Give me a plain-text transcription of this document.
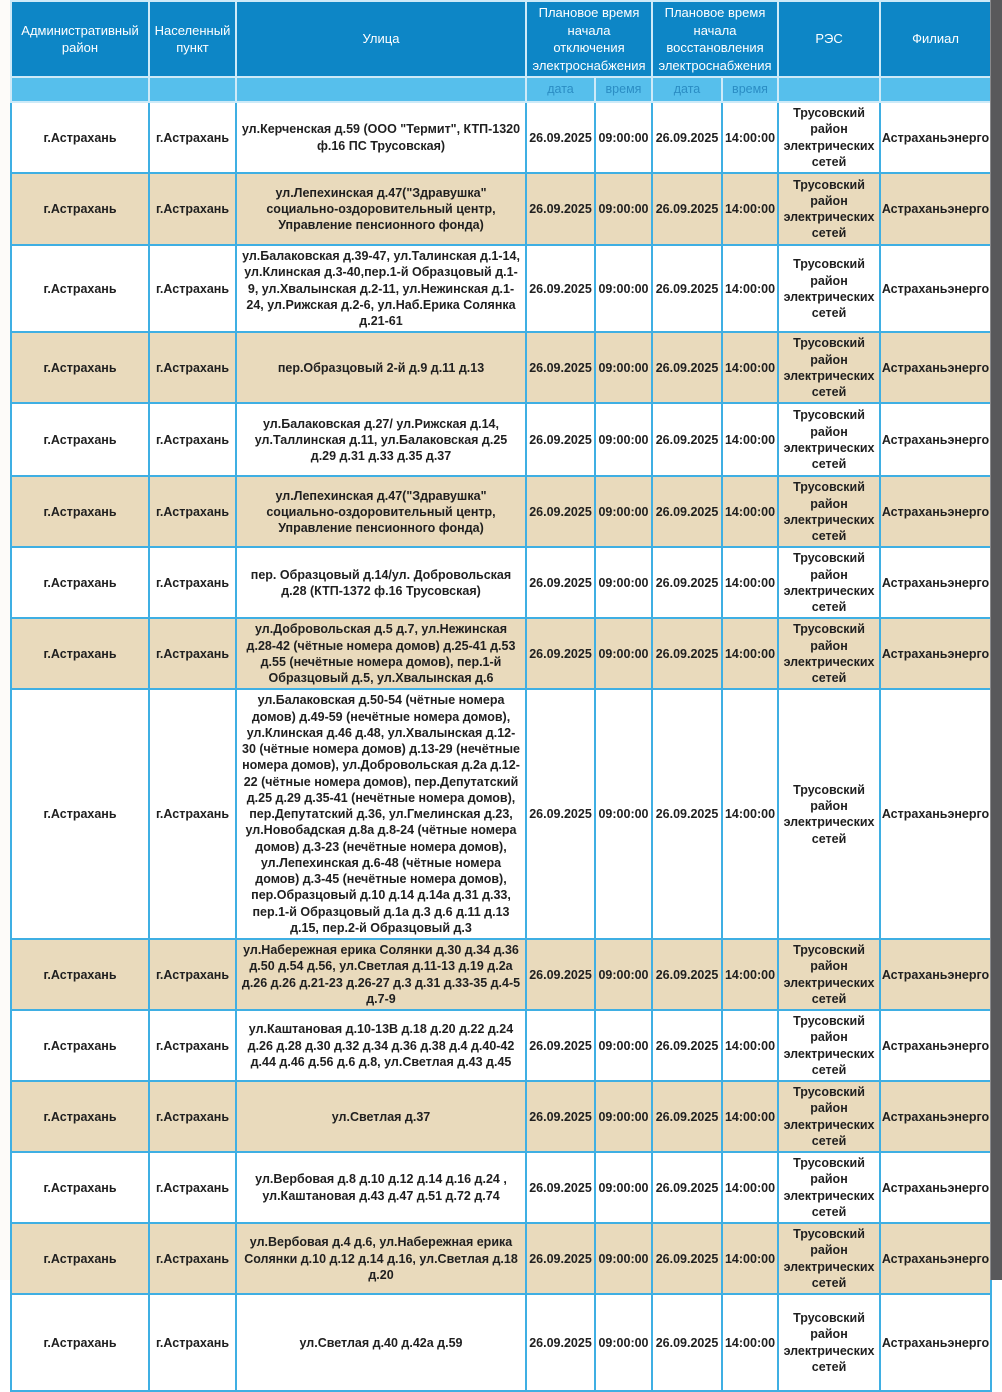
Административный район	Населенный пункт	Улица	Плановое время начала отключения электроснабжения		Плановое время начала восстановления электроснабжения		РЭС	Филиал
			дата	время	дата	время		
г.Астрахань	г.Астрахань	ул.Керченская д.59 (ООО "Термит", КТП-1320 ф.16 ПС Трусовская)	26.09.2025	09:00:00	26.09.2025	14:00:00	Трусовский район электрических сетей	Астраханьэнерго
г.Астрахань	г.Астрахань	ул.Лепехинская д.47("Здравушка" социально-оздоровительный центр, Управление пенсионного фонда)	26.09.2025	09:00:00	26.09.2025	14:00:00	Трусовский район электрических сетей	Астраханьэнерго
г.Астрахань	г.Астрахань	ул.Балаковская д.39-47, ул.Талинская д.1-14, ул.Клинская д.3-40,пер.1-й Образцовый д.1-9, ул.Хвалынская д.2-11, ул.Нежинская д.1-24, ул.Рижская д.2-6, ул.Наб.Ерика Солянка д.21-61	26.09.2025	09:00:00	26.09.2025	14:00:00	Трусовский район электрических сетей	Астраханьэнерго
г.Астрахань	г.Астрахань	пер.Образцовый 2-й д.9 д.11 д.13	26.09.2025	09:00:00	26.09.2025	14:00:00	Трусовский район электрических сетей	Астраханьэнерго
г.Астрахань	г.Астрахань	ул.Балаковская д.27/ ул.Рижская д.14, ул.Таллинская д.11, ул.Балаковская д.25 д.29 д.31 д.33 д.35 д.37	26.09.2025	09:00:00	26.09.2025	14:00:00	Трусовский район электрических сетей	Астраханьэнерго
г.Астрахань	г.Астрахань	ул.Лепехинская д.47("Здравушка" социально-оздоровительный центр, Управление пенсионного фонда)	26.09.2025	09:00:00	26.09.2025	14:00:00	Трусовский район электрических сетей	Астраханьэнерго
г.Астрахань	г.Астрахань	пер. Образцовый д.14/ул. Добровольская д.28 (КТП-1372 ф.16 Трусовская)	26.09.2025	09:00:00	26.09.2025	14:00:00	Трусовский район электрических сетей	Астраханьэнерго
г.Астрахань	г.Астрахань	ул.Добровольская д.5 д.7, ул.Нежинская д.28-42 (чётные номера домов) д.25-41 д.53 д.55 (нечётные номера домов), пер.1-й Образцовый д.5, ул.Хвалынская д.6	26.09.2025	09:00:00	26.09.2025	14:00:00	Трусовский район электрических сетей	Астраханьэнерго
г.Астрахань	г.Астрахань	ул.Балаковская д.50-54 (чётные номера домов) д.49-59 (нечётные номера домов), ул.Клинская д.46 д.48, ул.Хвалынская д.12-30 (чётные номера домов) д.13-29 (нечётные номера домов), ул.Добровольская д.2а д.12-22 (чётные номера домов), пер.Депутатский д.25 д.29 д.35-41 (нечётные номера домов), пер.Депутатский д.36, ул.Гмелинская д.23, ул.Новобадская д.8а д.8-24 (чётные номера домов) д.3-23 (нечётные номера домов), ул.Лепехинская д.6-48 (чётные номера домов) д.3-45 (нечётные номера домов), пер.Образцовый д.10 д.14 д.14а д.31 д.33, пер.1-й Образцовый д.1а д.3 д.6 д.11 д.13 д.15, пер.2-й Образцовый д.3	26.09.2025	09:00:00	26.09.2025	14:00:00	Трусовский район электрических сетей	Астраханьэнерго
г.Астрахань	г.Астрахань	ул.Набережная ерика Солянки д.30 д.34 д.36 д.50 д.54 д.56, ул.Светлая д.11-13 д.19 д.2а д.26 д.26 д.21-23 д.26-27 д.3 д.31 д.33-35 д.4-5 д.7-9	26.09.2025	09:00:00	26.09.2025	14:00:00	Трусовский район электрических сетей	Астраханьэнерго
г.Астрахань	г.Астрахань	ул.Каштановая д.10-13В д.18 д.20 д.22 д.24 д.26 д.28 д.30 д.32 д.34 д.36 д.38 д.4 д.40-42 д.44 д.46 д.56 д.6 д.8, ул.Светлая д.43 д.45	26.09.2025	09:00:00	26.09.2025	14:00:00	Трусовский район электрических сетей	Астраханьэнерго
г.Астрахань	г.Астрахань	ул.Светлая д.37	26.09.2025	09:00:00	26.09.2025	14:00:00	Трусовский район электрических сетей	Астраханьэнерго
г.Астрахань	г.Астрахань	ул.Вербовая д.8 д.10 д.12 д.14 д.16 д.24 , ул.Каштановая д.43 д.47 д.51 д.72 д.74	26.09.2025	09:00:00	26.09.2025	14:00:00	Трусовский район электрических сетей	Астраханьэнерго
г.Астрахань	г.Астрахань	ул.Вербовая д.4 д.6, ул.Набережная ерика Солянки д.10 д.12 д.14 д.16, ул.Светлая д.18 д.20	26.09.2025	09:00:00	26.09.2025	14:00:00	Трусовский район электрических сетей	Астраханьэнерго
г.Астрахань	г.Астрахань	ул.Светлая д.40 д.42а д.59	26.09.2025	09:00:00	26.09.2025	14:00:00	Трусовский район электрических сетей	Астраханьэнерго
